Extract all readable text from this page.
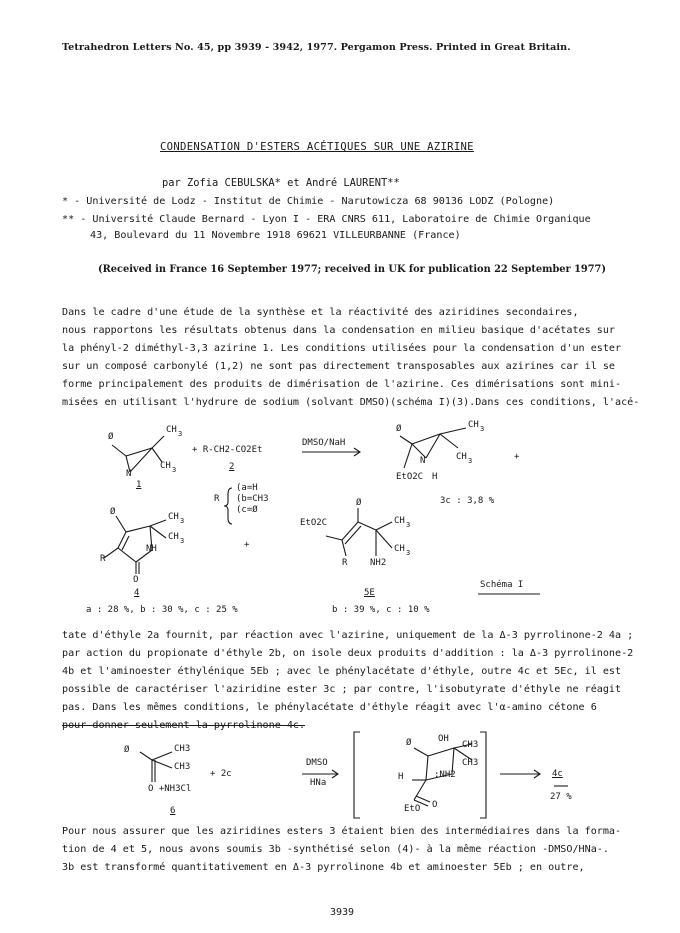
Tetrahedron Letters No. 45, pp 3939 - 3942, 1977. Pergamon Press. Printed in Great Britain.
CONDENSATION D'ESTERS ACÉTIQUES SUR UNE AZIRINE
par Zofia CEBULSKA* et André LAURENT**
* - Université de Lodz - Institut de Chimie - Narutowicza 68 90136 LODZ (Pologne)
** - Université Claude Bernard - Lyon I - ERA CNRS 611, Laboratoire de Chimie Organique
43, Boulevard du 11 Novembre 1918 69621 VILLEURBANNE (France)
(Received in France 16 September 1977; received in UK for publication 22 September 1977)
Dans le cadre d'une étude de la synthèse et la réactivité des aziridines secondaires,
nous rapportons les résultats obtenus dans la condensation en milieu basique d'acétates sur
la phényl-2 diméthyl-3,3 azirine 1. Les conditions utilisées pour la condensation d'un ester
sur un composé carbonylé (1,2) ne sont pas directement transposables aux azirines car il se
forme principalement des produits de dimérisation de l'azirine. Ces dimérisations sont mini-
misées en utilisant l'hydrure de sodium (solvant DMSO)(schéma I)(3).Dans ces conditions, l'acé-
Ø
CH 3
N
CH 3
1
+ R-CH2-CO2Et
2
(a=H
R (b=CH3
(c=Ø
DMSO/NaH
Ø	CH 3
N	CH 3
EtO2C H
3c : 3,8 %
+
Ø	CH 3
CH 3
NH
R
O
4
+
Ø
EtO2C	CH 3
CH 3
R	NH2
5E
Schéma I
a : 28 %, b : 30 %, c : 25 %	b : 39 %, c : 10 %
tate d'éthyle 2a fournit, par réaction avec l'azirine, uniquement de la Δ-3 pyrrolinone-2 4a ;
par action du propionate d'éthyle 2b, on isole deux produits d'addition : la Δ-3 pyrrolinone-2
4b et l'aminoester éthylénique 5Eb ; avec le phénylacétate d'éthyle, outre 4c et 5Ec, il est
possible de caractériser l'aziridine ester 3c ; par contre, l'isobutyrate d'éthyle ne réagit
pas. Dans les mêmes conditions, le phénylacétate d'éthyle réagit avec l'α-amino cétone 6
pour donner seulement la pyrrolinone 4c.
Ø	CH3
CH3
O +NH3Cl
6
+ 2c
DMSO
HNa
Ø	OH
CH3
CH3
:NH2
H
EtO O
4c
27 %
Pour nous assurer que les aziridines esters 3 étaient bien des intermédiaires dans la forma-
tion de 4 et 5, nous avons soumis 3b -synthétisé selon (4)- à la même réaction -DMSO/HNa-.
3b est transformé quantitativement en Δ-3 pyrrolinone 4b et aminoester 5Eb ; en outre,
3939
